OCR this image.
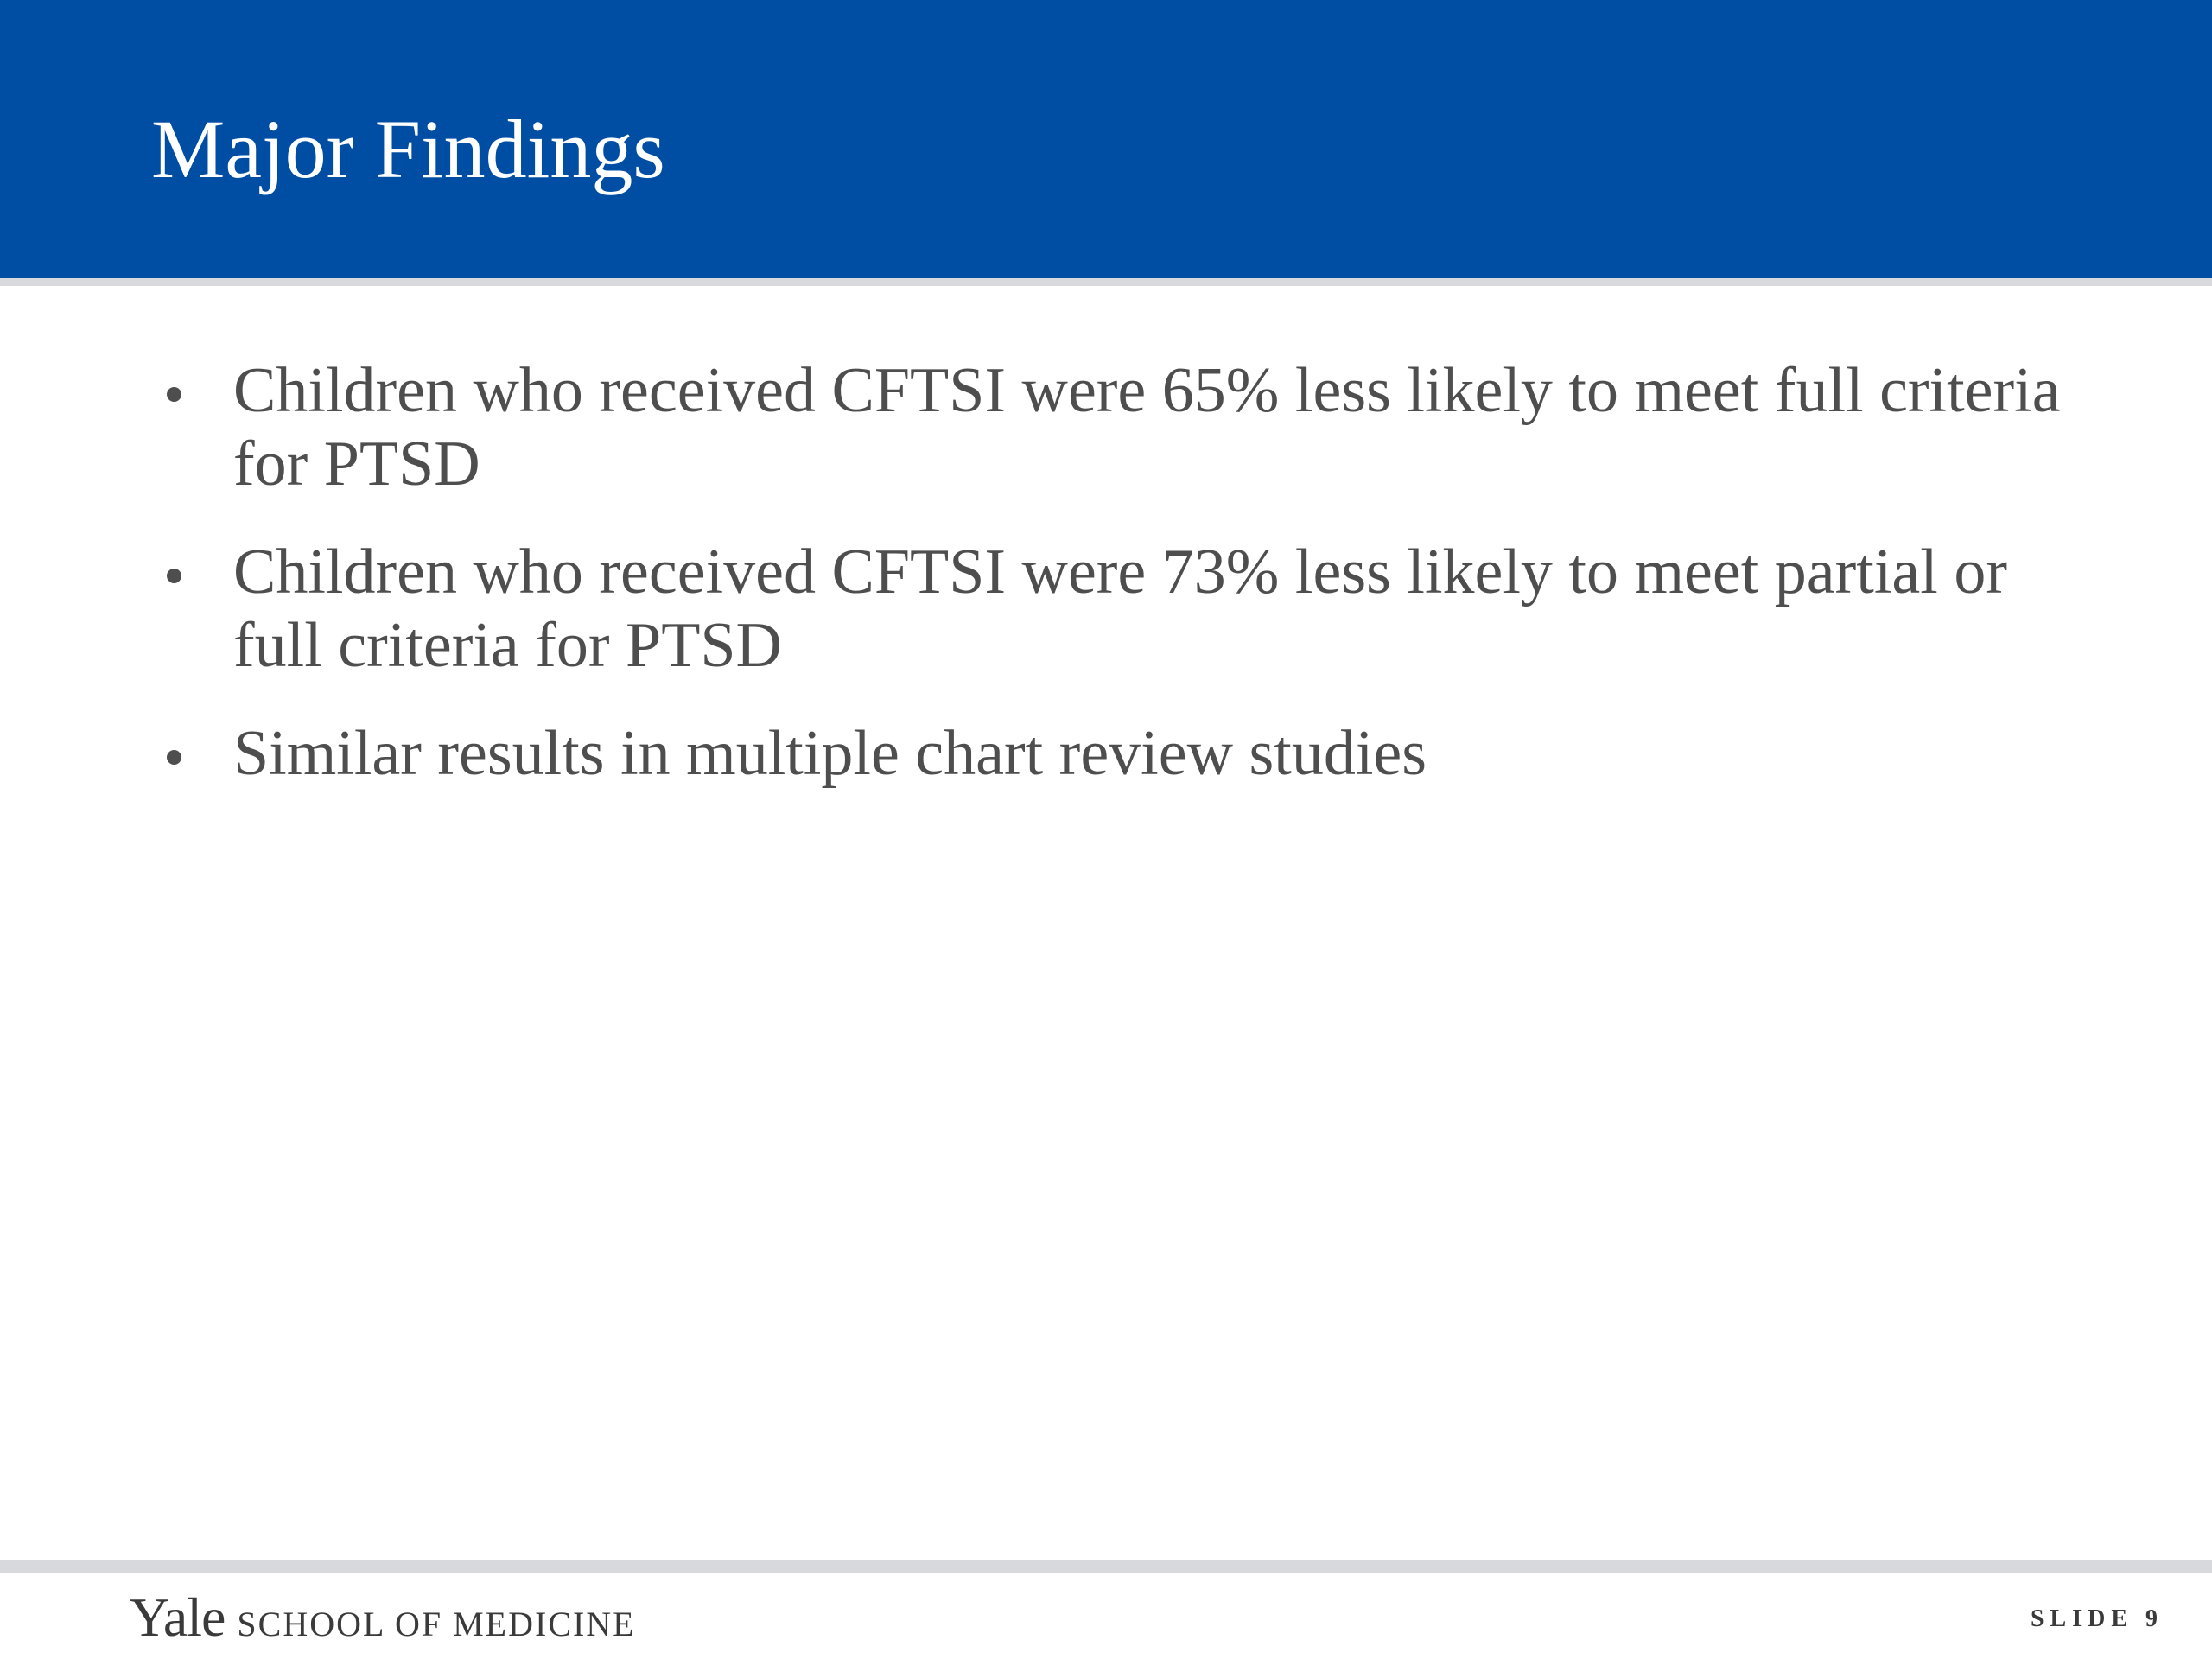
Major Findings
Children who received CFTSI were 65% less likely to meet full criteria for PTSD
Children who received CFTSI were 73% less likely to meet partial or full criteria for PTSD
Similar results in multiple chart review studies
Yale SCHOOL OF MEDICINE	SLIDE 9
